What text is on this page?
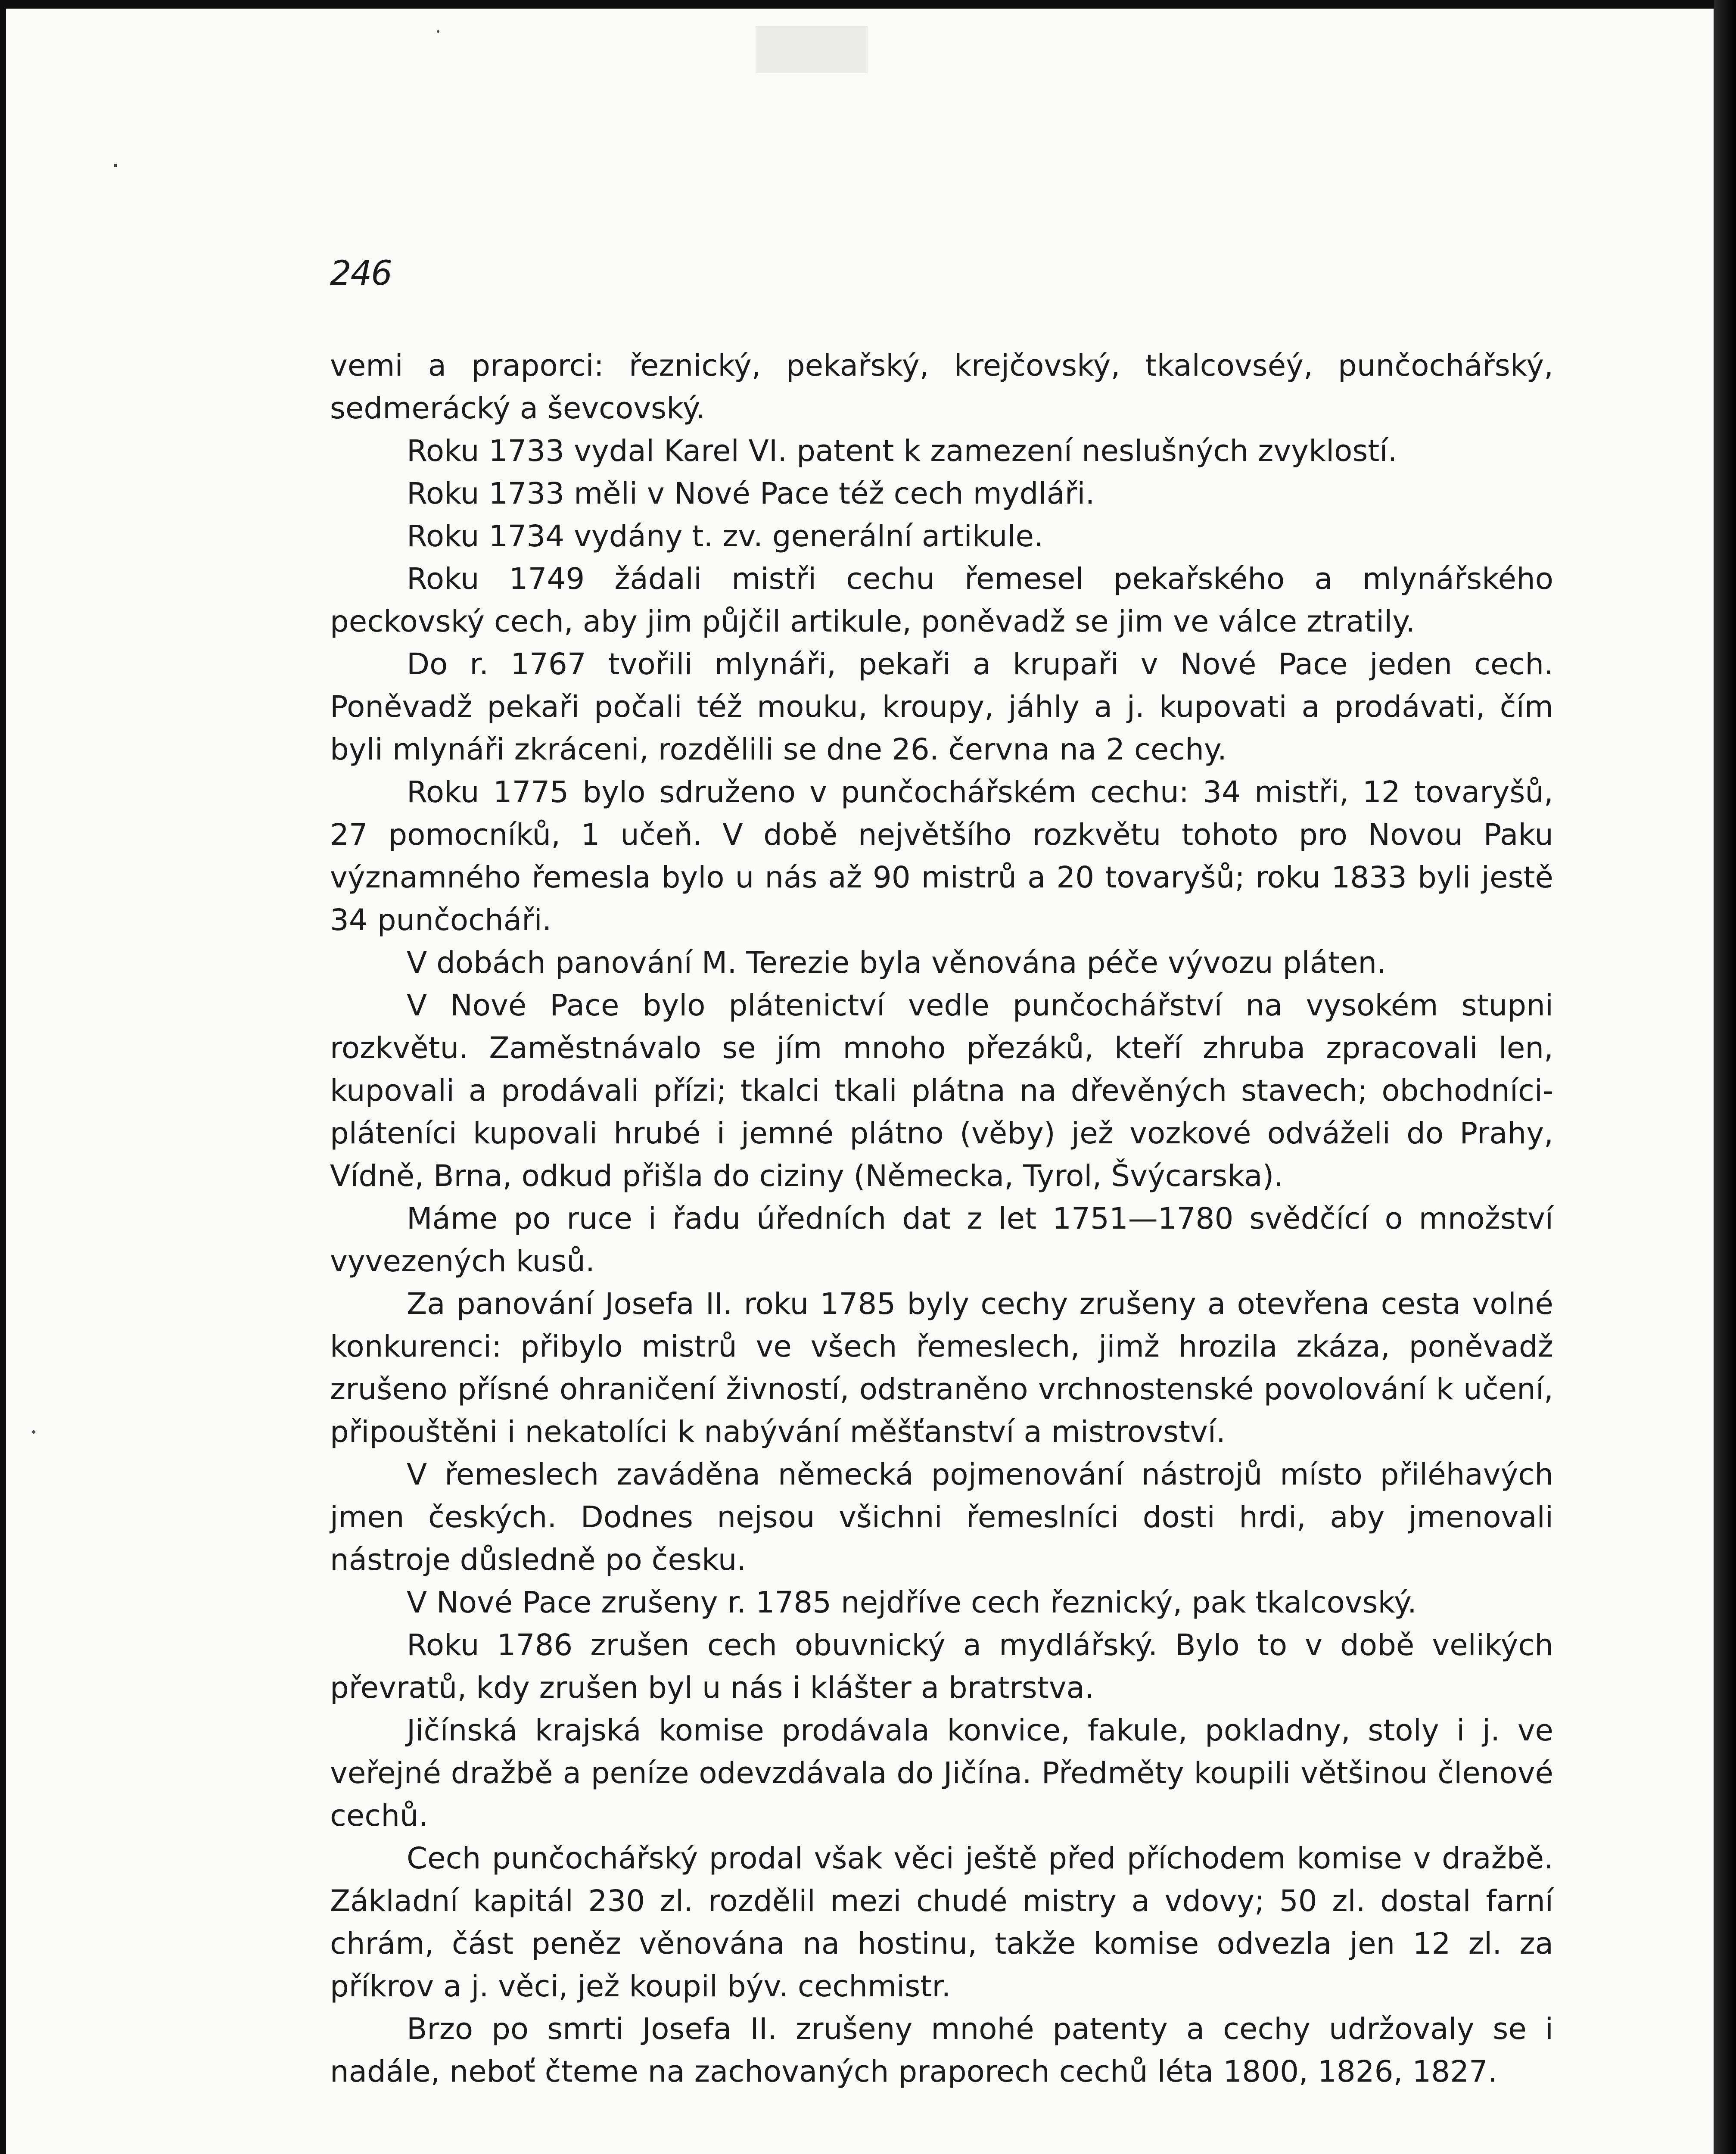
246

vemi a praporci: řeznický, pekařský, krejčovský, tkalcovséý, punčochářský, sedmerácký a ševcovský.

Roku 1733 vydal Karel VI. patent k zamezení neslušných zvyklostí.

Roku 1733 měli v Nové Pace též cech mydláři.

Roku 1734 vydány t. zv. generální artikule.

Roku 1749 žádali mistři cechu řemesel pekařského a mlynářského peckovský cech, aby jim půjčil artikule, poněvadž se jim ve válce ztratily.

Do r. 1767 tvořili mlynáři, pekaři a krupaři v Nové Pace jeden cech. Poněvadž pekaři počali též mouku, kroupy, jáhly a j. kupovati a prodávati, čím byli mlynáři zkráceni, rozdělili se dne 26. června na 2 cechy.

Roku 1775 bylo sdruženo v punčochářském cechu: 34 mistři, 12 tovaryšů, 27 pomocníků, 1 učeň. V době největšího rozkvětu tohoto pro Novou Paku významného řemesla bylo u nás až 90 mistrů a 20 tovaryšů; roku 1833 byli jestě 34 punčocháři.

V dobách panování M. Terezie byla věnována péče vývozu pláten.

V Nové Pace bylo plátenictví vedle punčochářství na vysokém stupni rozkvětu. Zaměstnávalo se jím mnoho přezáků, kteří zhruba zpracovali len, kupovali a prodávali přízi; tkalci tkali plátna na dřevěných stavech; obchodníci-pláteníci kupovali hrubé i jemné plátno (věby) jež vozkové odváželi do Prahy, Vídně, Brna, odkud přišla do ciziny (Německa, Tyrol, Švýcarska).

Máme po ruce i řadu úředních dat z let 1751—1780 svědčící o množství vyvezených kusů.

Za panování Josefa II. roku 1785 byly cechy zrušeny a otevřena cesta volné konkurenci: přibylo mistrů ve všech řemeslech, jimž hrozila zkáza, poněvadž zrušeno přísné ohraničení živností, odstraněno vrchnostenské povolování k učení, připouštěni i nekatolíci k nabývání měšťanství a mistrovství.

V řemeslech zaváděna německá pojmenování nástrojů místo přiléhavých jmen českých. Dodnes nejsou všichni řemeslníci dosti hrdi, aby jmenovali nástroje důsledně po česku.

V Nové Pace zrušeny r. 1785 nejdříve cech řeznický, pak tkalcovský.

Roku 1786 zrušen cech obuvnický a mydlářský. Bylo to v době velikých převratů, kdy zrušen byl u nás i klášter a bratrstva.

Jičínská krajská komise prodávala konvice, fakule, pokladny, stoly i j. ve veřejné dražbě a peníze odevzdávala do Jičína. Předměty koupili většinou členové cechů.

Cech punčochářský prodal však věci ještě před příchodem komise v dražbě. Základní kapitál 230 zl. rozdělil mezi chudé mistry a vdovy; 50 zl. dostal farní chrám, část peněz věnována na hostinu, takže komise odvezla jen 12 zl. za příkrov a j. věci, jež koupil býv. cechmistr.

Brzo po smrti Josefa II. zrušeny mnohé patenty a cechy udržovaly se i nadále, neboť čteme na zachovaných praporech cechů léta 1800, 1826, 1827.
